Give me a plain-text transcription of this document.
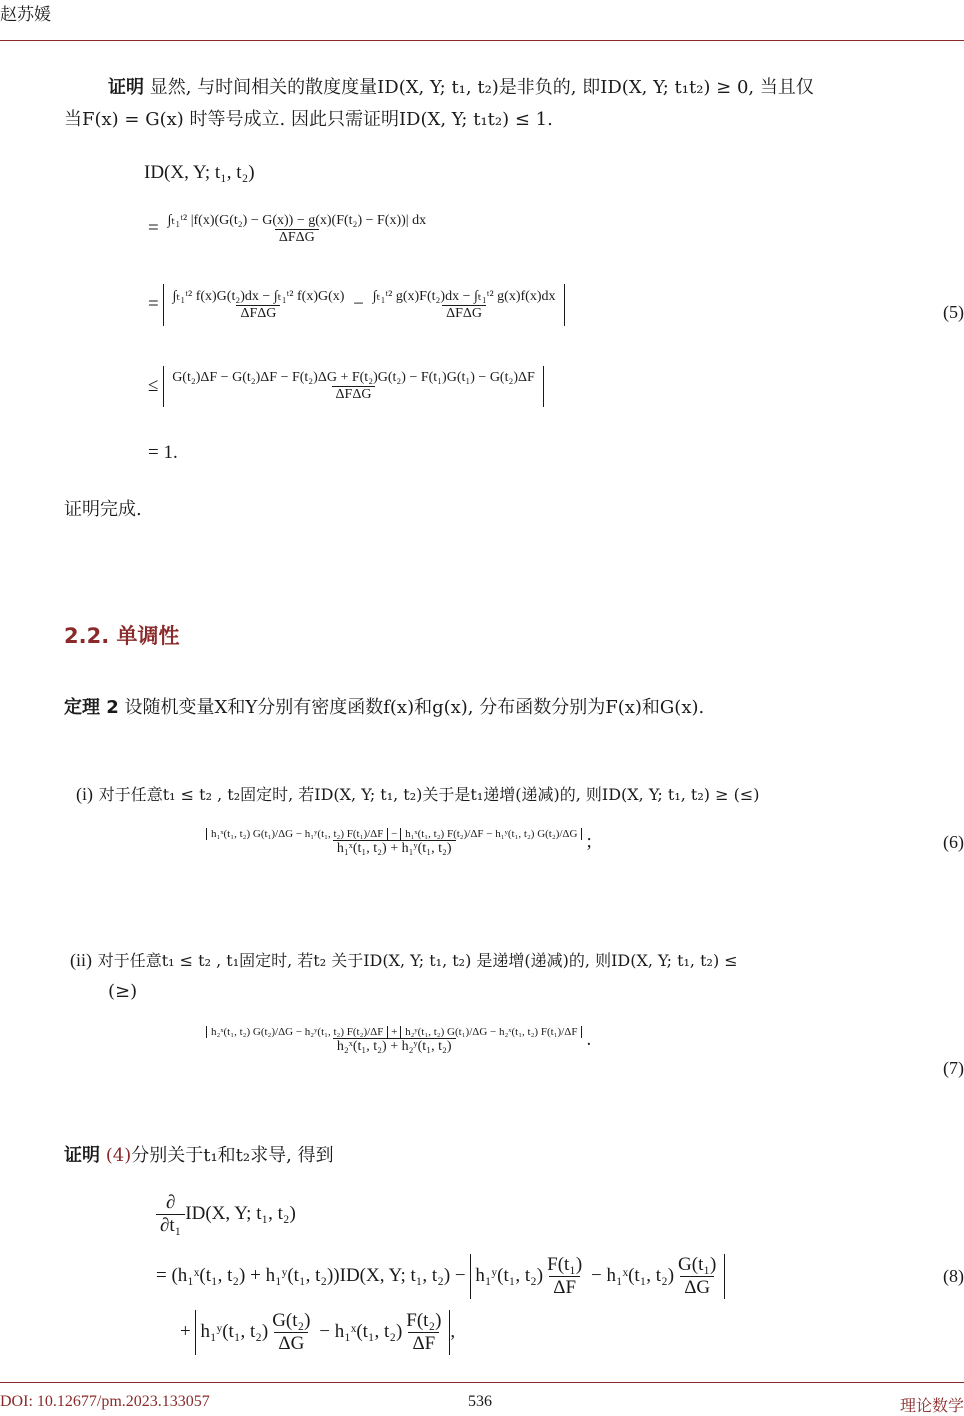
赵苏媛
证明 显然, 与时间相关的散度度量ID(X, Y; t₁, t₂)是非负的, 即ID(X, Y; t₁t₂) ≥ 0, 当且仅
当F(x) = G(x) 时等号成立. 因此只需证明ID(X, Y; t₁t₂) ≤ 1.
ID(X, Y; t₁, t₂)
= $\frac{\text{∫ₜ₁ᵗ² |f(x)(G(t₂) − G(x)) − g(x)(F(t₂) − F(x))| dx}}{\text{ΔFΔG}}$
= $\frac{\text{∫ₜ₁ᵗ² f(x)G(t₂)dx − ∫ₜ₁ᵗ² f(x)G(x)}}{\text{ΔFΔG}} - \frac{\text{∫ₜ₁ᵗ² g(x)F(t₂)dx − ∫ₜ₁ᵗ² g(x)f(x)dx}}{\text{ΔFΔG}}$	(5)
≤ G(t₂)ΔF − G(t₂)ΔF − F(t₂)ΔG + F(t₂)G(t₂) − F(t₁)G(t₁) − G(t₂)ΔF
ΔFΔG
= 1.
证明完成.
2.2. 单调性
定理 2 设随机变量X和Y分别有密度函数f(x)和g(x), 分布函数分别为F(x)和G(x).
(i) 对于任意t₁ ≤ t₂ , t₂固定时, 若ID(X, Y; t₁, t₂)关于是t₁递增(递减)的, 则ID(X, Y; t₁, t₂) ≥ (≤)
h₁ˣ(t₁, t₂) G(t₁)/ΔG − h₁ʸ(t₁, t₂) F(t₁)/ΔF − h₁ˣ(t₁, t₂) F(t₂)/ΔF − h₁ʸ(t₁, t₂) G(t₂)/ΔG
h₁ˣ(t₁, t₂) + h₁ʸ(t₁, t₂)	;	(6)
(ii) 对于任意t₁ ≤ t₂ , t₁固定时, 若t₂ 关于ID(X, Y; t₁, t₂) 是递增(递减)的, 则ID(X, Y; t₁, t₂) ≤
(≥)
h₂ˣ(t₁, t₂) G(t₂)/ΔG − h₂ʸ(t₁, t₂) F(t₂)/ΔF + h₂ʸ(t₁, t₂) G(t₁)/ΔG − h₂ˣ(t₁, t₂) F(t₁)/ΔF
h₂ˣ(t₁, t₂) + h₂ʸ(t₁, t₂)	.
(7)
证明 (4)分别关于t₁和t₂求导, 得到
$\frac{\partial}{\text{∂t₁}} ID(X$, Y; t₁, t₂)
= (h₁ˣ(t₁, t₂) + h₁ʸ(t₁, t₂))ID(X, Y; t₁, t₂) − h₁ʸ(t₁, $t_2) \frac{\text{F(t₁)}}{\Delta F}$ − h₁ˣ(t₁, $t_2) \frac{\text{G(t₁)}}{\Delta G}$	(8)
+ h₁ʸ(t₁, $t_2) \frac{\text{G(t₂)}}{\Delta G}$ − h₁ˣ(t₁, $t_2) \frac{\text{F(t₂)}}{\Delta F}$ ,
DOI: 10.12677/pm.2023.133057	536	理论数学
